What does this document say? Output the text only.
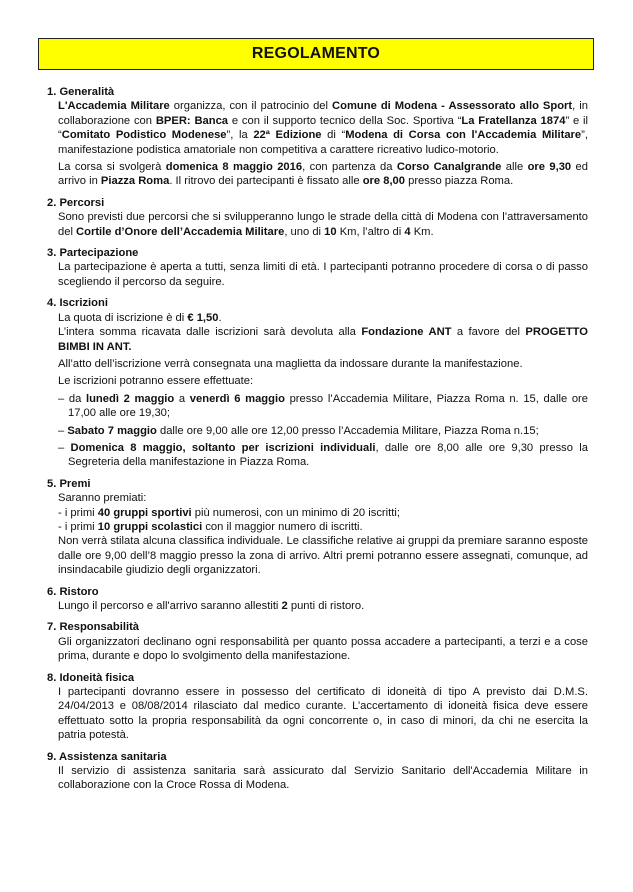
REGOLAMENTO
1. Generalità
L'Accademia Militare organizza, con il patrocinio del Comune di Modena - Assessorato allo Sport, in collaborazione con BPER: Banca e con il supporto tecnico della Soc. Sportiva “La Fratellanza 1874” e il “Comitato Podistico Modenese”, la 22ª Edizione di “Modena di Corsa con l'Accademia Militare”, manifestazione podistica amatoriale non competitiva a carattere ricreativo ludico-motorio.
La corsa si svolgerà domenica 8 maggio 2016, con partenza da Corso Canalgrande alle ore 9,30 ed arrivo in Piazza Roma. Il ritrovo dei partecipanti è fissato alle ore 8,00 presso piazza Roma.
2. Percorsi
Sono previsti due percorsi che si svilupperanno lungo le strade della città di Modena con l’attraversamento del Cortile d’Onore dell’Accademia Militare, uno di 10 Km, l’altro di 4 Km.
3. Partecipazione
La partecipazione è aperta a tutti, senza limiti di età. I partecipanti potranno procedere di corsa o di passo scegliendo il percorso da seguire.
4. Iscrizioni
La quota di iscrizione è di € 1,50.
L’intera somma ricavata dalle iscrizioni sarà devoluta alla Fondazione ANT a favore del PROGETTO BIMBI IN ANT.
All’atto dell’iscrizione verrà consegnata una maglietta da indossare durante la manifestazione.
Le iscrizioni potranno essere effettuate:
– da lunedì 2 maggio a venerdì 6 maggio presso l’Accademia Militare, Piazza Roma n. 15, dalle ore 17,00 alle ore 19,30;
– Sabato 7 maggio dalle ore 9,00 alle ore 12,00 presso l’Accademia Militare, Piazza Roma n.15;
– Domenica 8 maggio, soltanto per iscrizioni individuali, dalle ore 8,00 alle ore 9,30 presso la Segreteria della manifestazione in Piazza Roma.
5. Premi
Saranno premiati:
- i primi 40 gruppi sportivi più numerosi, con un minimo di 20 iscritti;
- i primi 10 gruppi scolastici con il maggior numero di iscritti.
Non verrà stilata alcuna classifica individuale. Le classifiche relative ai gruppi da premiare saranno esposte dalle ore 9,00 dell’8 maggio presso la zona di arrivo. Altri premi potranno essere assegnati, comunque, ad insindacabile giudizio degli organizzatori.
6. Ristoro
Lungo il percorso e all'arrivo saranno allestiti 2 punti di ristoro.
7. Responsabilità
Gli organizzatori declinano ogni responsabilità per quanto possa accadere a partecipanti, a terzi e a cose prima, durante e dopo lo svolgimento della manifestazione.
8. Idoneità fisica
I partecipanti dovranno essere in possesso del certificato di idoneità di tipo A previsto dai D.M.S. 24/04/2013 e 08/08/2014 rilasciato dal medico curante. L’accertamento di idoneità fisica deve essere effettuato sotto la propria responsabilità da ogni concorrente o, in caso di minori, da chi ne esercita la patria potestà.
9. Assistenza sanitaria
Il servizio di assistenza sanitaria sarà assicurato dal Servizio Sanitario dell'Accademia Militare in collaborazione con la Croce Rossa di Modena.
